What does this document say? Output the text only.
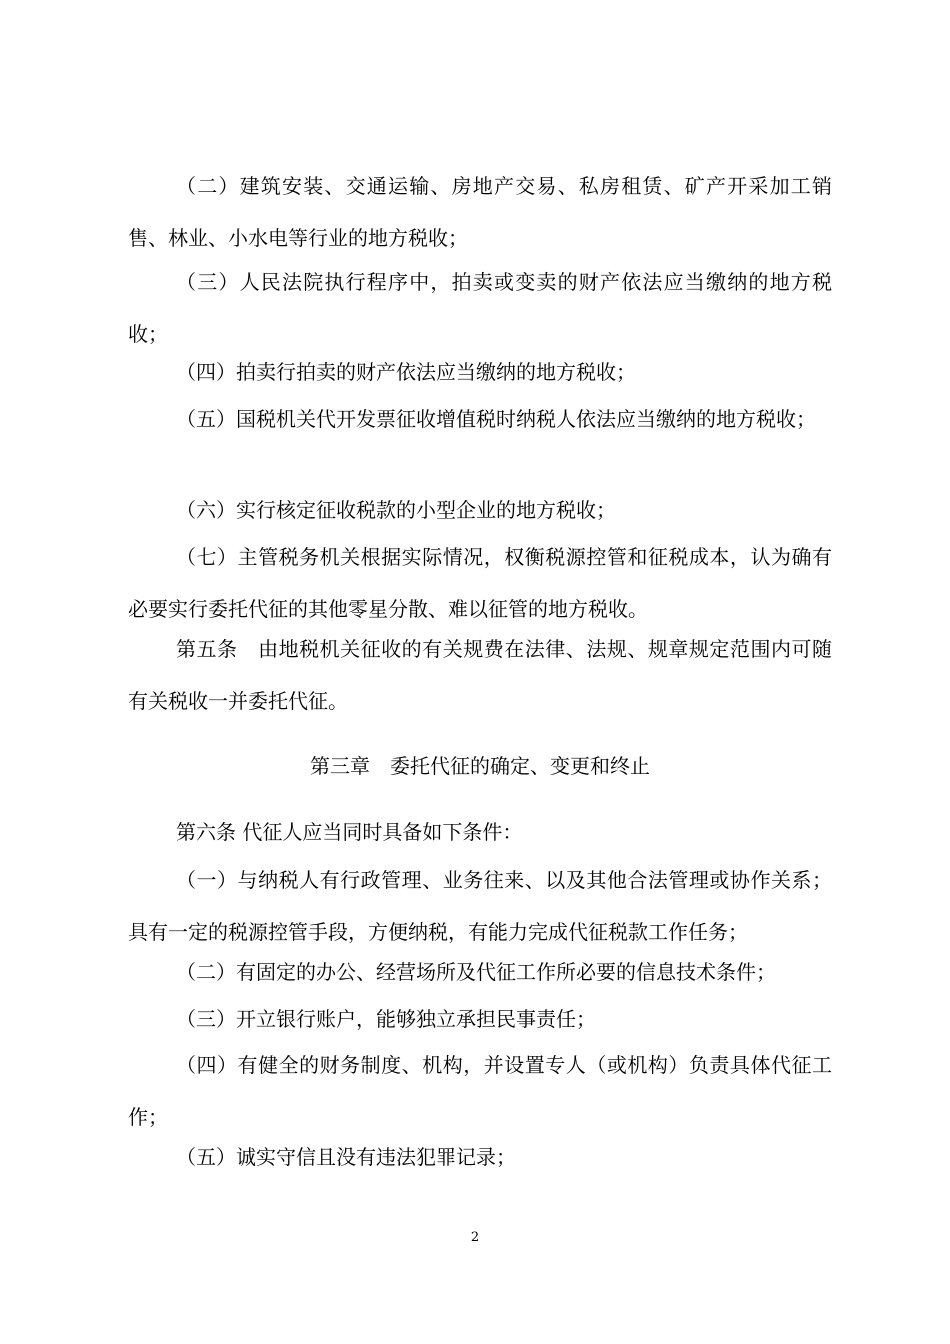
（二）建筑安装、交通运输、房地产交易、私房租赁、矿产开采加工销售、林业、小水电等行业的地方税收；

（三）人民法院执行程序中，拍卖或变卖的财产依法应当缴纳的地方税收；

（四）拍卖行拍卖的财产依法应当缴纳的地方税收；

（五）国税机关代开发票征收增值税时纳税人依法应当缴纳的地方税收；

（六）实行核定征收税款的小型企业的地方税收；

（七）主管税务机关根据实际情况，权衡税源控管和征税成本，认为确有必要实行委托代征的其他零星分散、难以征管的地方税收。

第五条　由地税机关征收的有关规费在法律、法规、规章规定范围内可随有关税收一并委托代征。

第三章　委托代征的确定、变更和终止

第六条 代征人应当同时具备如下条件：

（一）与纳税人有行政管理、业务往来、以及其他合法管理或协作关系；具有一定的税源控管手段，方便纳税，有能力完成代征税款工作任务；

（二）有固定的办公、经营场所及代征工作所必要的信息技术条件；

（三）开立银行账户，能够独立承担民事责任；

（四）有健全的财务制度、机构，并设置专人（或机构）负责具体代征工作；

（五）诚实守信且没有违法犯罪记录；

2
